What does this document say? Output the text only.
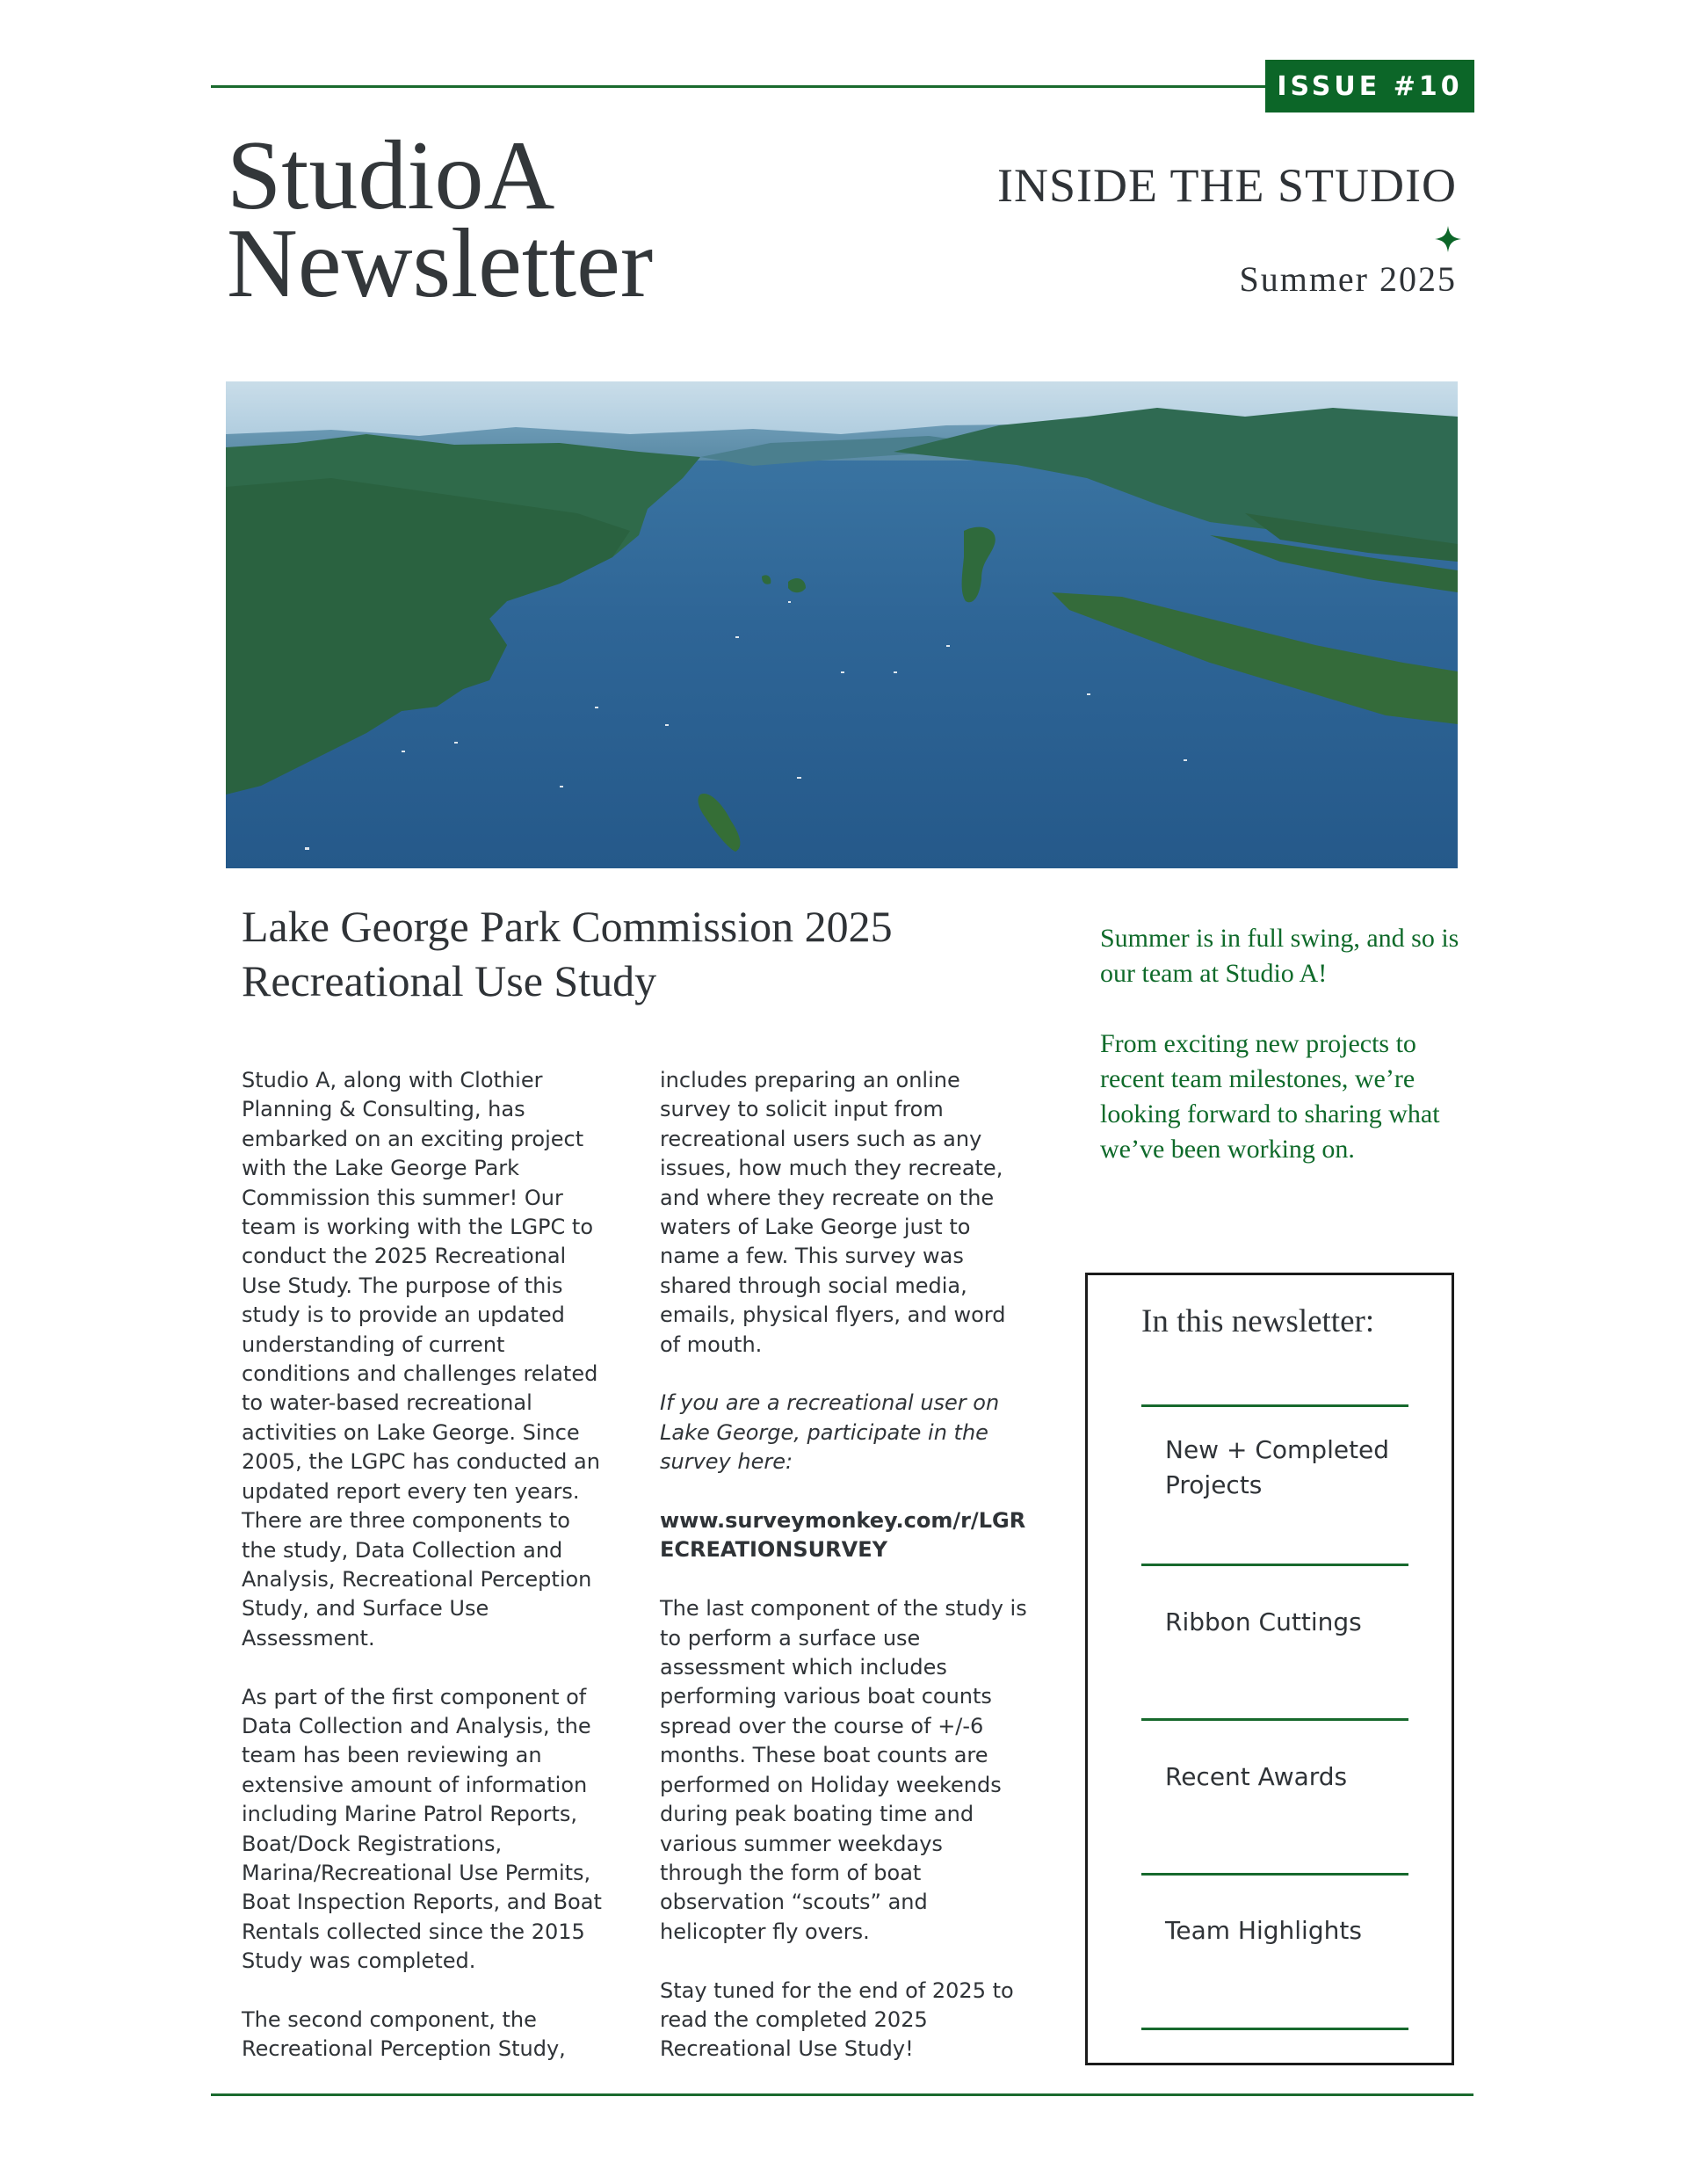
ISSUE #10
StudioA
Newsletter
INSIDE THE STUDIO
Summer 2025
Lake George Park Commission 2025 Recreational Use Study

Studio A, along with Clothier Planning & Consulting, has embarked on an exciting project with the Lake George Park Commission this summer! Our team is working with the LGPC to conduct the 2025 Recreational Use Study. The purpose of this study is to provide an updated understanding of current conditions and challenges related to water-based recreational activities on Lake George. Since 2005, the LGPC has conducted an updated report every ten years. There are three components to the study, Data Collection and Analysis, Recreational Perception Study, and Surface Use Assessment.

As part of the first component of Data Collection and Analysis, the team has been reviewing an extensive amount of information including Marine Patrol Reports, Boat/Dock Registrations, Marina/Recreational Use Permits, Boat Inspection Reports, and Boat Rentals collected since the 2015 Study was completed.

The second component, the Recreational Perception Study,

includes preparing an online survey to solicit input from recreational users such as any issues, how much they recreate, and where they recreate on the waters of Lake George just to name a few. This survey was shared through social media, emails, physical flyers, and word of mouth.

If you are a recreational user on Lake George, participate in the survey here:

www.surveymonkey.com/r/LGRECREATIONSURVEY

The last component of the study is to perform a surface use assessment which includes performing various boat counts spread over the course of +/-6 months. These boat counts are performed on Holiday weekends during peak boating time and various summer weekdays through the form of boat observation “scouts” and helicopter fly overs.

Stay tuned for the end of 2025 to read the completed 2025 Recreational Use Study!

Summer is in full swing, and so is our team at Studio A!

From exciting new projects to recent team milestones, we’re looking forward to sharing what we’ve been working on.

In this newsletter:
New + Completed Projects
Ribbon Cuttings
Recent Awards
Team Highlights
